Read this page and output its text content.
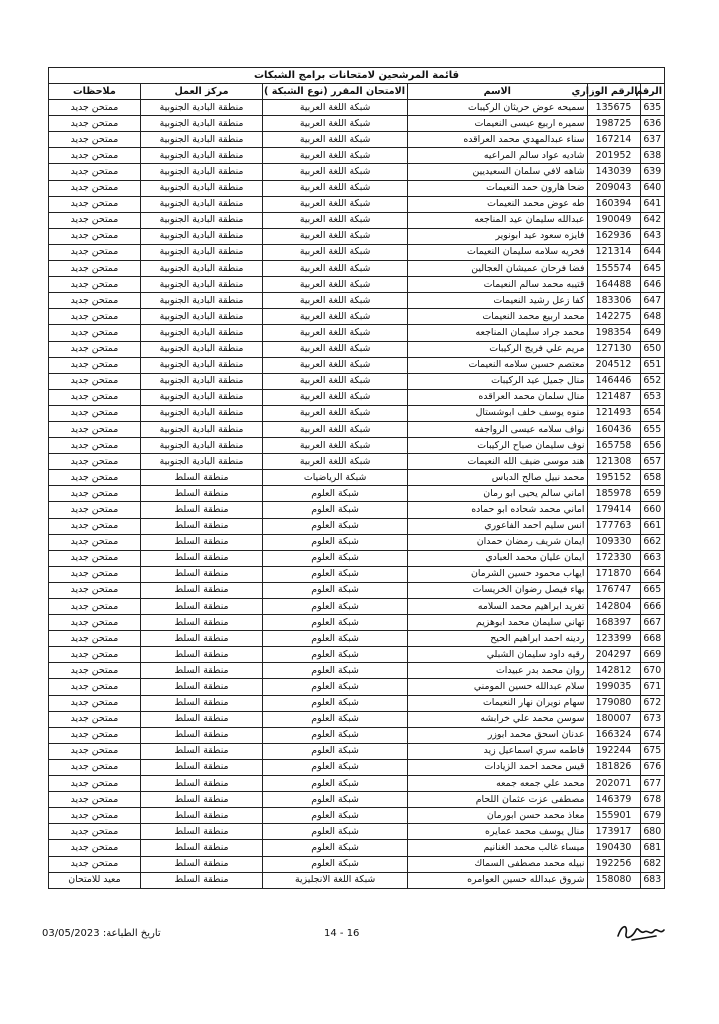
قائمة المرشحين لامتحانات برامج الشبكات					
الرقم	الرقم الوزاري	الاسم	الامتحان المقرر (نوع الشبكة )	مركز العمل	ملاحظات
635	135675	سميحه عوض حريثان الركيبات	شبكة اللغة العربية	منطقة البادية الجنوبية	ممتحن جديد
636	198725	سميره اربيع عيسى النعيمات	شبكة اللغة العربية	منطقة البادية الجنوبية	ممتحن جديد
637	167214	سناء عبدالمهدي محمد العراقده	شبكة اللغة العربية	منطقة البادية الجنوبية	ممتحن جديد
638	201952	شاديه عواد سالم المراعيه	شبكة اللغة العربية	منطقة البادية الجنوبية	ممتحن جديد
639	143039	شاهه لافي سلمان السعيديين	شبكة اللغة العربية	منطقة البادية الجنوبية	ممتحن جديد
640	209043	ضحا هارون حمد النعيمات	شبكة اللغة العربية	منطقة البادية الجنوبية	ممتحن جديد
641	160394	طه عوض محمد النعيمات	شبكة اللغة العربية	منطقة البادية الجنوبية	ممتحن جديد
642	190049	عبدالله سليمان عيد المناجعه	شبكة اللغة العربية	منطقة البادية الجنوبية	ممتحن جديد
643	162936	فايزه سعود عيد ابونوير	شبكة اللغة العربية	منطقة البادية الجنوبية	ممتحن جديد
644	121314	فخريه سلامه سليمان النعيمات	شبكة اللغة العربية	منطقة البادية الجنوبية	ممتحن جديد
645	155574	فضا فرحان عميشان العجالين	شبكة اللغة العربية	منطقة البادية الجنوبية	ممتحن جديد
646	164488	قتيبه محمد سالم النعيمات	شبكة اللغة العربية	منطقة البادية الجنوبية	ممتحن جديد
647	183306	كفا زعل رشيد النعيمات	شبكة اللغة العربية	منطقة البادية الجنوبية	ممتحن جديد
648	142275	محمد اربيع محمد النعيمات	شبكة اللغة العربية	منطقة البادية الجنوبية	ممتحن جديد
649	198354	محمد جراد سليمان المناجعه	شبكة اللغة العربية	منطقة البادية الجنوبية	ممتحن جديد
650	127130	مريم علي فريج الركيبات	شبكة اللغة العربية	منطقة البادية الجنوبية	ممتحن جديد
651	204512	معتصم حسين سلامه النعيمات	شبكة اللغة العربية	منطقة البادية الجنوبية	ممتحن جديد
652	146446	منال جميل عيد الركيبات	شبكة اللغة العربية	منطقة البادية الجنوبية	ممتحن جديد
653	121487	منال سلمان محمد العراقده	شبكة اللغة العربية	منطقة البادية الجنوبية	ممتحن جديد
654	121493	منوه يوسف خلف ابوشستال	شبكة اللغة العربية	منطقة البادية الجنوبية	ممتحن جديد
655	160436	نواف سلامه عيسى الرواجفه	شبكة اللغة العربية	منطقة البادية الجنوبية	ممتحن جديد
656	165758	نوف سليمان صباح الركيبات	شبكة اللغة العربية	منطقة البادية الجنوبية	ممتحن جديد
657	121308	هند موسى ضيف الله النعيمات	شبكة اللغة العربية	منطقة البادية الجنوبية	ممتحن جديد
658	195152	محمد نبيل صالح الدباس	شبكة الرياضيات	منطقة السلط	ممتحن جديد
659	185978	اماني سالم يحيى ابو رمان	شبكة العلوم	منطقة السلط	ممتحن جديد
660	179414	اماني محمد شحاده ابو حماده	شبكة العلوم	منطقة السلط	ممتحن جديد
661	177763	انس سليم احمد الفاعوري	شبكة العلوم	منطقة السلط	ممتحن جديد
662	109330	ايمان شريف رمضان حمدان	شبكة العلوم	منطقة السلط	ممتحن جديد
663	172330	ايمان عليان محمد العبادي	شبكة العلوم	منطقة السلط	ممتحن جديد
664	171870	ايهاب محمود حسين الشرمان	شبكة العلوم	منطقة السلط	ممتحن جديد
665	176747	بهاء فيصل رضوان الخريسات	شبكة العلوم	منطقة السلط	ممتحن جديد
666	142804	تغريد ابراهيم محمد السلامه	شبكة العلوم	منطقة السلط	ممتحن جديد
667	168397	تهاني سليمان محمد ابوهزيم	شبكة العلوم	منطقة السلط	ممتحن جديد
668	123399	ردينه احمد ابراهيم الحيح	شبكة العلوم	منطقة السلط	ممتحن جديد
669	204297	رقيه داود سليمان الشبلي	شبكة العلوم	منطقة السلط	ممتحن جديد
670	142812	روان محمد بدر عبيدات	شبكة العلوم	منطقة السلط	ممتحن جديد
671	199035	سلام عبدالله حسين المومني	شبكة العلوم	منطقة السلط	ممتحن جديد
672	179080	سهام نويران نهار النعيمات	شبكة العلوم	منطقة السلط	ممتحن جديد
673	180007	سوسن محمد علي خرابشه	شبكة العلوم	منطقة السلط	ممتحن جديد
674	166324	عدنان اسحق محمد ابوزر	شبكة العلوم	منطقة السلط	ممتحن جديد
675	192244	فاطمه سري اسماعيل زيد	شبكة العلوم	منطقة السلط	ممتحن جديد
676	181826	قيس محمد احمد الزيادات	شبكة العلوم	منطقة السلط	ممتحن جديد
677	202071	محمد علي جمعه جمعه	شبكة العلوم	منطقة السلط	ممتحن جديد
678	146379	مصطفى عزت عثمان اللحام	شبكة العلوم	منطقة السلط	ممتحن جديد
679	155901	معاذ محمد حسن ابورمان	شبكة العلوم	منطقة السلط	ممتحن جديد
680	173917	منال يوسف محمد عمايره	شبكة العلوم	منطقة السلط	ممتحن جديد
681	190430	ميساء غالب محمد الغنانيم	شبكة العلوم	منطقة السلط	ممتحن جديد
682	192256	نبيله محمد مصطفى السماك	شبكة العلوم	منطقة السلط	ممتحن جديد
683	158080	شروق عبدالله حسين العوامره	شبكة اللغة الانجليزية	منطقة السلط	معيد للامتحان
تاريخ الطباعة: 03/05/2023	14 - 16
